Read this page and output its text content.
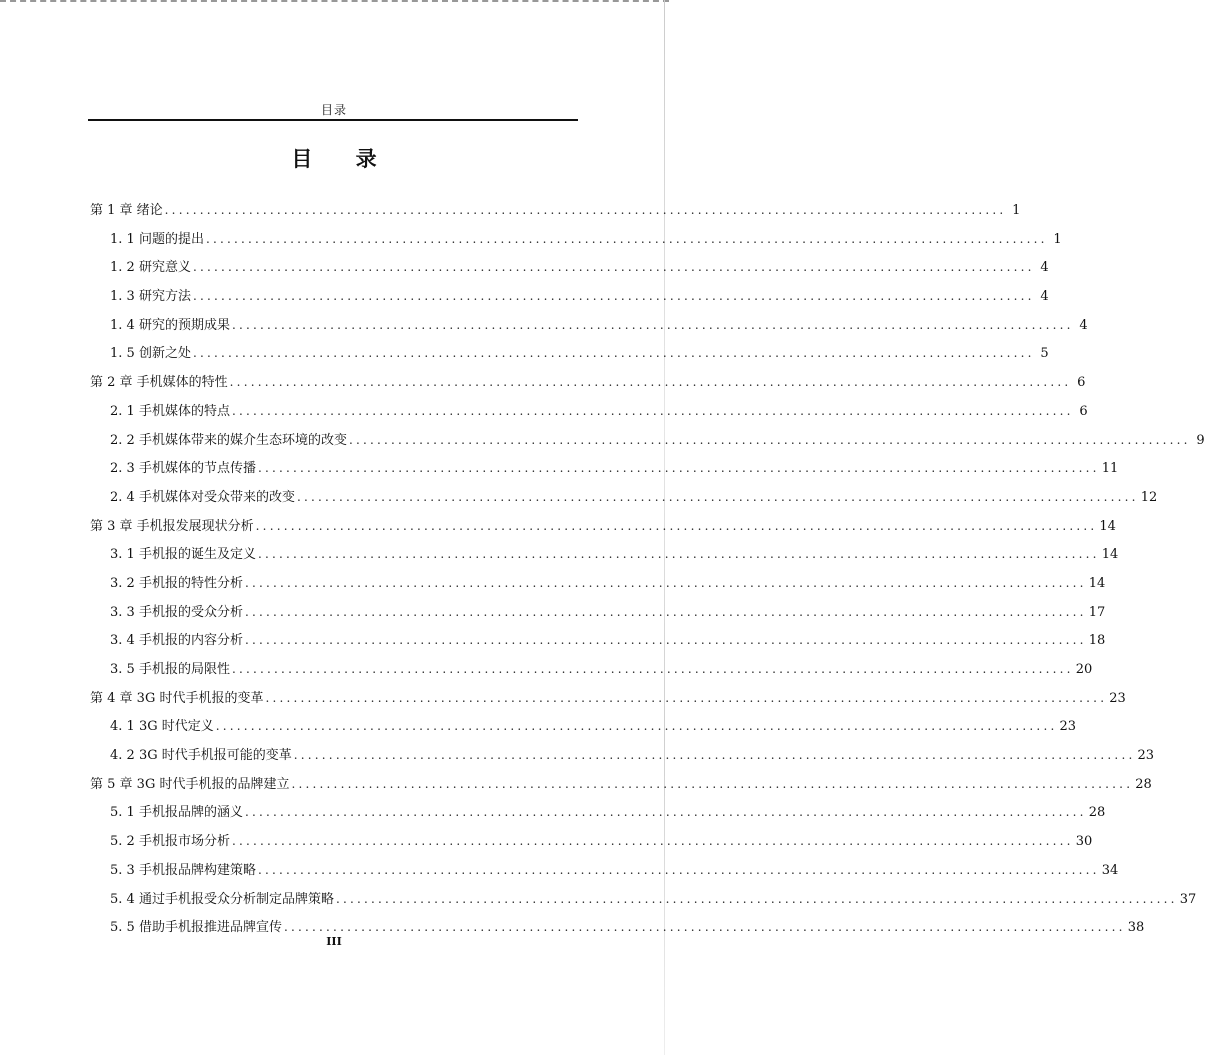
目录
目 录
第 1 章 绪论 ........................................................................................................................ 1
1. 1 问题的提出 ........................................................................................................................ 1
1. 2 研究意义 ........................................................................................................................ 4
1. 3 研究方法 ........................................................................................................................ 4
1. 4 研究的预期成果 ........................................................................................................................ 4
1. 5 创新之处 ........................................................................................................................ 5
第 2 章 手机媒体的特性 ........................................................................................................................ 6
2. 1 手机媒体的特点 ........................................................................................................................ 6
2. 2 手机媒体带来的媒介生态环境的改变 ........................................................................................................................ 9
2. 3 手机媒体的节点传播 ........................................................................................................................ 11
2. 4 手机媒体对受众带来的改变 ........................................................................................................................ 12
第 3 章 手机报发展现状分析 ........................................................................................................................ 14
3. 1 手机报的诞生及定义 ........................................................................................................................ 14
3. 2 手机报的特性分析 ........................................................................................................................ 14
3. 3 手机报的受众分析 ........................................................................................................................ 17
3. 4 手机报的内容分析 ........................................................................................................................ 18
3. 5 手机报的局限性 ........................................................................................................................ 20
第 4 章 3G 时代手机报的变革 ........................................................................................................................ 23
4. 1 3G 时代定义 ........................................................................................................................ 23
4. 2 3G 时代手机报可能的变革 ........................................................................................................................ 23
第 5 章 3G 时代手机报的品牌建立 ........................................................................................................................ 28
5. 1 手机报品牌的涵义 ........................................................................................................................ 28
5. 2 手机报市场分析 ........................................................................................................................ 30
5. 3 手机报品牌构建策略 ........................................................................................................................ 34
5. 4 通过手机报受众分析制定品牌策略 ........................................................................................................................ 37
5. 5 借助手机报推进品牌宣传 ........................................................................................................................ 38
III
